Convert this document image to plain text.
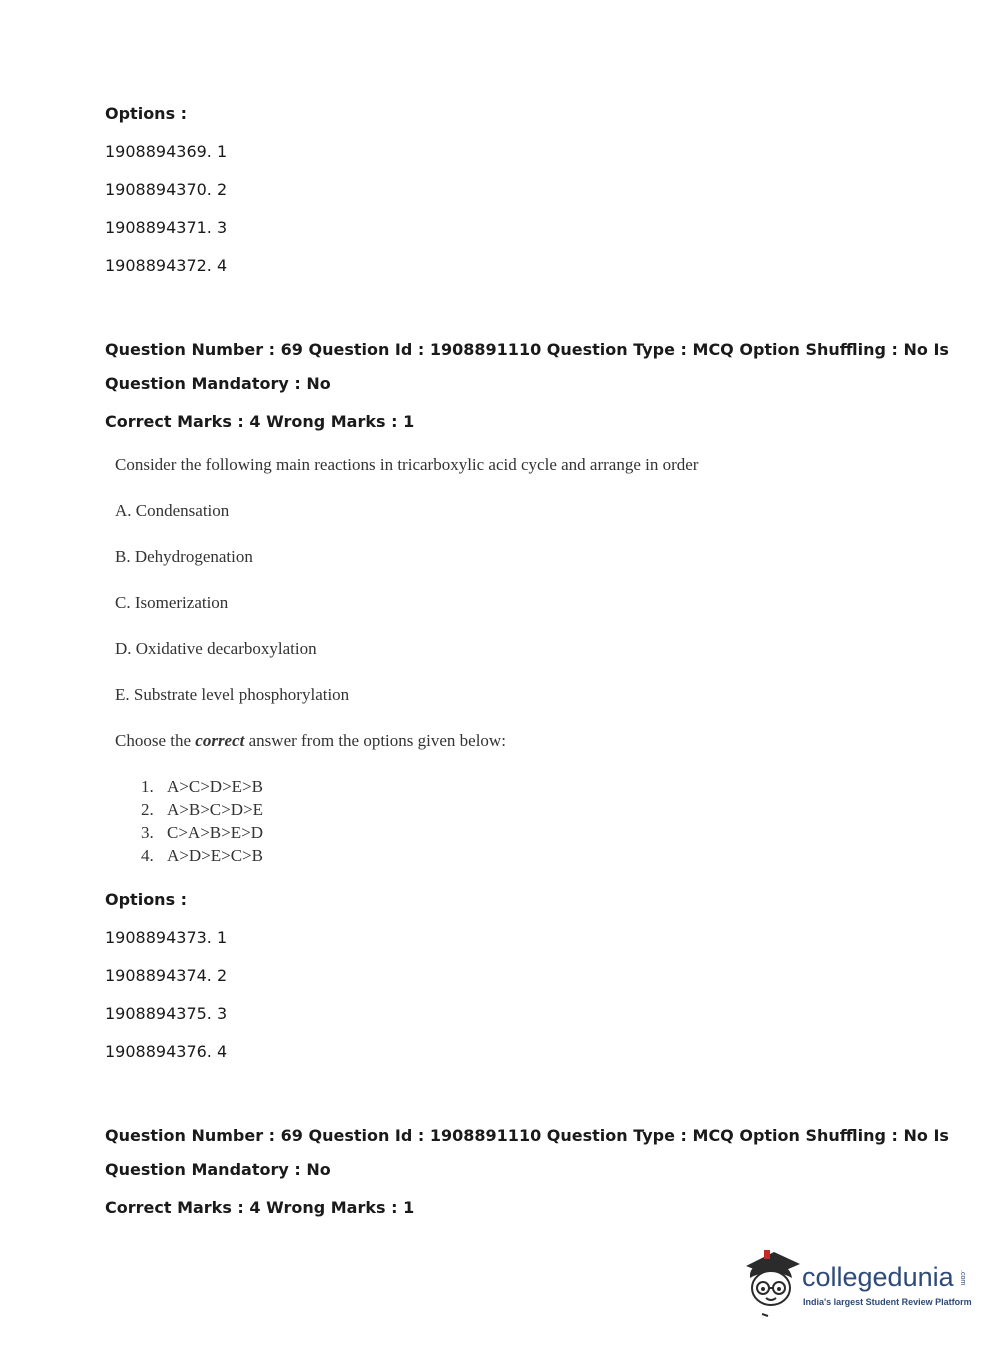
Options :
1908894369. 1
1908894370. 2
1908894371. 3
1908894372. 4
Question Number : 69 Question Id : 1908891110 Question Type : MCQ Option Shuffling : No Is
Question Mandatory : No
Correct Marks : 4 Wrong Marks : 1
Consider the following main reactions in tricarboxylic acid cycle and arrange in order
A. Condensation
B. Dehydrogenation
C. Isomerization
D. Oxidative decarboxylation
E. Substrate level phosphorylation
Choose the correct answer from the options given below:
1. A>C>D>E>B
2. A>B>C>D>E
3. C>A>B>E>D
4. A>D>E>C>B
Options :
1908894373. 1
1908894374. 2
1908894375. 3
1908894376. 4
Question Number : 69 Question Id : 1908891110 Question Type : MCQ Option Shuffling : No Is
Question Mandatory : No
Correct Marks : 4 Wrong Marks : 1
collegedunia .com
India's largest Student Review Platform
